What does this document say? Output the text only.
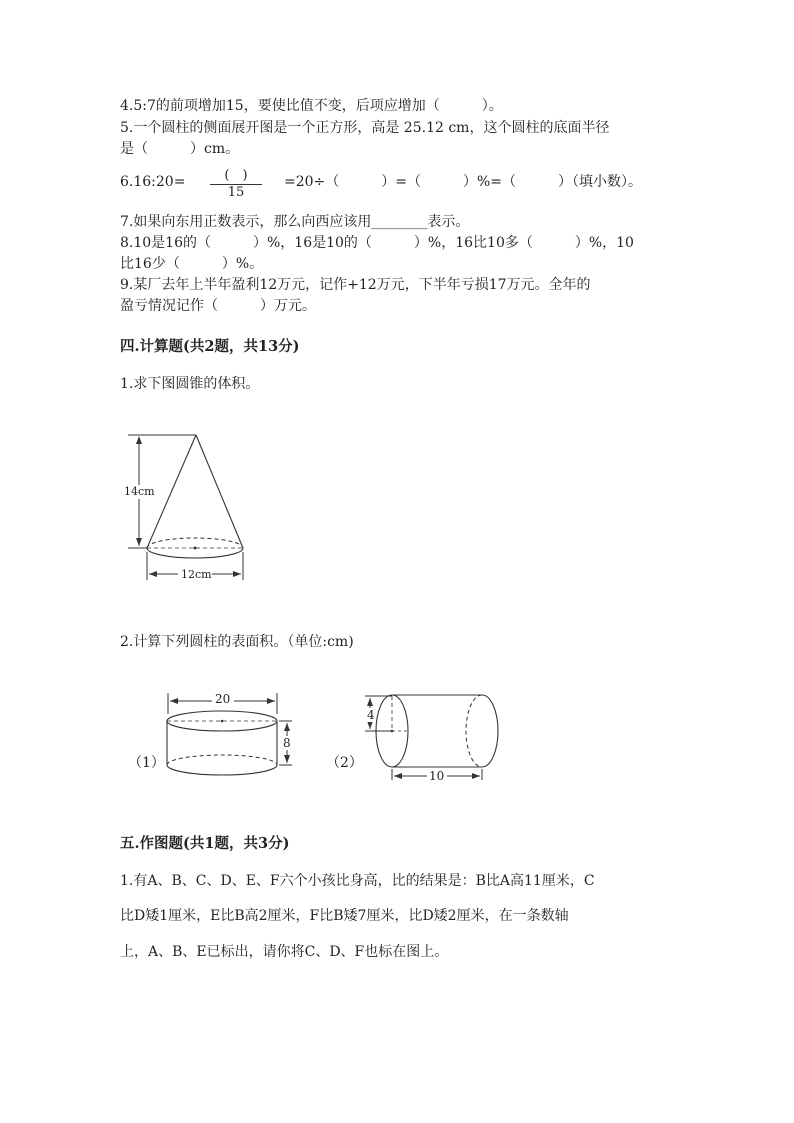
4.5:7的前项增加15，要使比值不变，后项应增加（　　　）。
5.一个圆柱的侧面展开图是一个正方形，高是 25.12 cm，这个圆柱的底面半径
是（　　　）cm。
6.16:20=	(　)
15
=20÷（　　　）=（　　　）%=（　　　）（填小数）。
7.如果向东用正数表示，那么向西应该用________表示。
8.10是16的（　　　）%，16是10的（　　　）%，16比10多（　　　）%，10
比16少（　　　）%。
9.某厂去年上半年盈利12万元，记作+12万元，下半年亏损17万元。全年的
盈亏情况记作（　　　）万元。
四.计算题(共2题，共13分)
1.求下图圆锥的体积。
14cm
12cm
2.计算下列圆柱的表面积。（单位:cm)
（1）
20
8
（2）
4
10
五.作图题(共1题，共3分)
1.有A、B、C、D、E、F六个小孩比身高，比的结果是：B比A高11厘米，C
比D矮1厘米，E比B高2厘米，F比B矮7厘米，比D矮2厘米，在一条数轴
上，A、B、E已标出，请你将C、D、F也标在图上。
